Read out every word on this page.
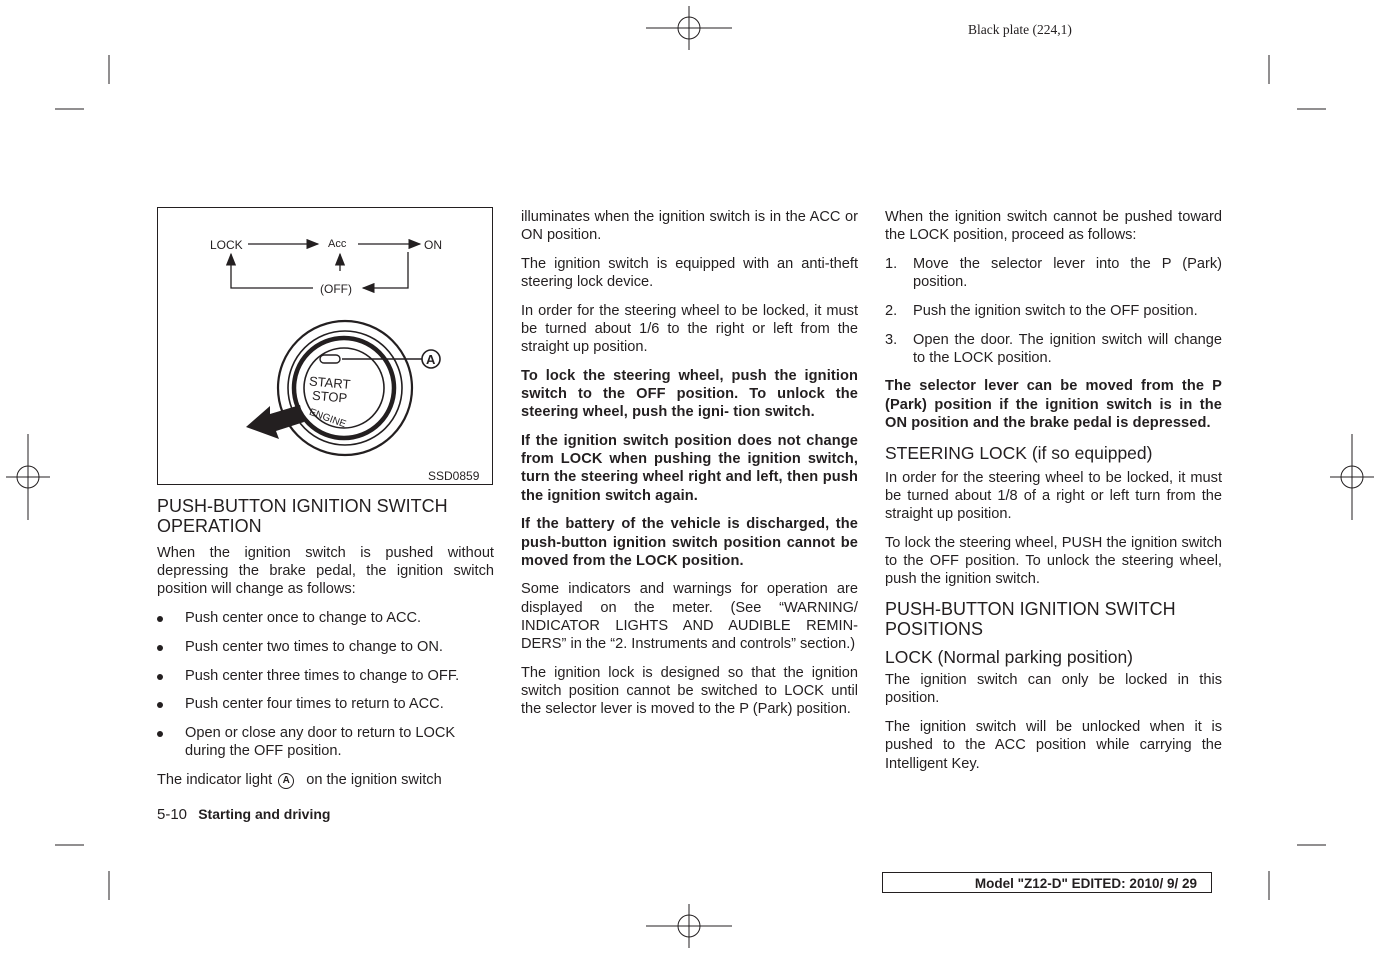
Black plate (224,1)
LOCK	Acc	ON
(OFF)
START
STOP
ENGINE
A
SSD0859
PUSH-BUTTON IGNITION SWITCH OPERATION

When the ignition switch is pushed without depressing the brake pedal, the ignition switch position will change as follows:

Push center once to change to ACC.
Push center two times to change to ON.
Push center three times to change to OFF.
Push center four times to return to ACC.
Open or close any door to return to LOCK during the OFF position.

The indicator light A on the ignition switch

5-10 Starting and driving

illuminates when the ignition switch is in the ACC or ON position.

The ignition switch is equipped with an anti-theft steering lock device.

In order for the steering wheel to be locked, it must be turned about 1/6 to the right or left from the straight up position.

To lock the steering wheel, push the ignition switch to the OFF position. To unlock the steering wheel, push the igni- tion switch.

If the ignition switch position does not change from LOCK when pushing the ignition switch, turn the steering wheel right and left, then push the ignition switch again.

If the battery of the vehicle is discharged, the push-button ignition switch position cannot be moved from the LOCK position.

Some indicators and warnings for operation are displayed on the meter. (See “WARNING/ INDICATOR LIGHTS AND AUDIBLE REMIN- DERS” in the “2. Instruments and controls” section.)

The ignition lock is designed so that the ignition switch position cannot be switched to LOCK until the selector lever is moved to the P (Park) position.

When the ignition switch cannot be pushed toward the LOCK position, proceed as follows:

1. Move the selector lever into the P (Park) position.
2. Push the ignition switch to the OFF position.
3. Open the door. The ignition switch will change to the LOCK position.

The selector lever can be moved from the P (Park) position if the ignition switch is in the ON position and the brake pedal is depressed.

STEERING LOCK (if so equipped)

In order for the steering wheel to be locked, it must be turned about 1/8 of a right or left turn from the straight up position.

To lock the steering wheel, PUSH the ignition switch to the OFF position. To unlock the steering wheel, push the ignition switch.

PUSH-BUTTON IGNITION SWITCH POSITIONS
LOCK (Normal parking position)

The ignition switch can only be locked in this position.

The ignition switch will be unlocked when it is pushed to the ACC position while carrying the Intelligent Key.

Model "Z12-D" EDITED: 2010/ 9/ 29
